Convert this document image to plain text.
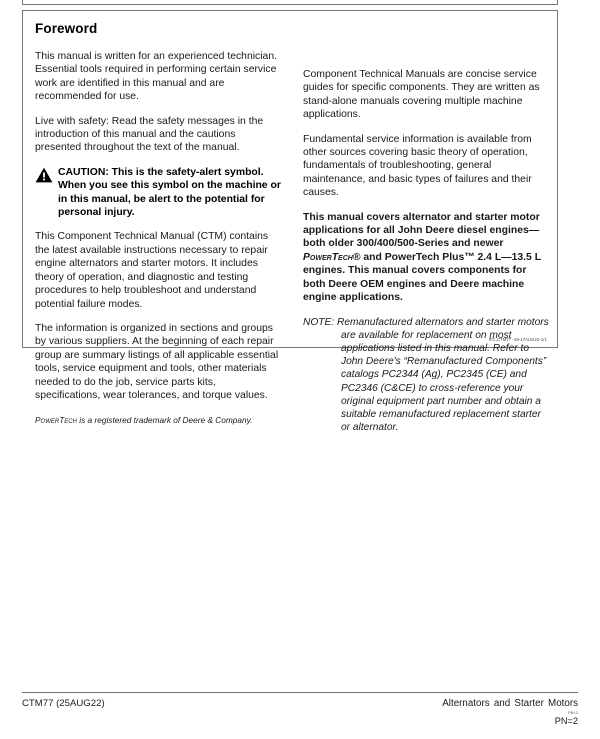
Foreword

This manual is written for an experienced technician. Essential tools required in performing certain service work are identified in this manual and are recommended for use.

Live with safety: Read the safety messages in the introduction of this manual and the cautions presented throughout the text of the manual.

CAUTION: This is the safety-alert symbol. When you see this symbol on the machine or in this manual, be alert to the potential for personal injury.

This Component Technical Manual (CTM) contains the latest available instructions necessary to repair engine alternators and starter motors. It includes theory of operation, and diagnostic and testing procedures to help troubleshoot and understand potential failure modes.

The information is organized in sections and groups by various suppliers. At the beginning of each repair group are summary listings of all applicable essential tools, service equipment and tools, other materials needed to do the job, service parts kits, specifications, wear tolerances, and torque values.

PowerTech is a registered trademark of Deere & Company.

Component Technical Manuals are concise service guides for specific components. They are written as stand-alone manuals covering multiple machine applications.

Fundamental service information is available from other sources covering basic theory of operation, fundamentals of troubleshooting, general maintenance, and basic types of failures and their causes.

This manual covers alternator and starter motor applications for all John Deere diesel engines—both older 300/400/500-Series and newer PowerTech® and PowerTech Plus™ 2.4 L—13.5 L engines. This manual covers components for both Deere OEM engines and Deere machine engine applications.

NOTE: Remanufactured alternators and starter motors are available for replacement on most applications listed in this manual. Refer to John Deere's “Remanufactured Components” catalogs PC2344 (Ag), PC2345 (CE) and PC2346 (C&CE) to cross-reference your original equipment part number and obtain a suitable remanufactured replacement starter or alternator.

IFC,CTM77 -19-17AUG22-1/1
CTM77 (25AUG22)	Alternators and Starter Motors
PN=2
PN=2
